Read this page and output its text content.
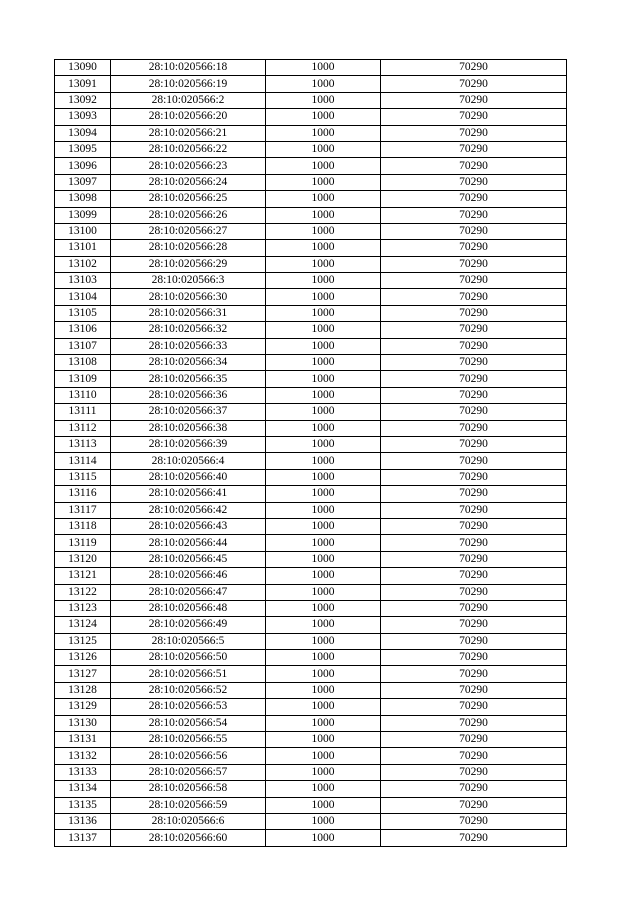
13090	28:10:020566:18	1000	70290
13091	28:10:020566:19	1000	70290
13092	28:10:020566:2	1000	70290
13093	28:10:020566:20	1000	70290
13094	28:10:020566:21	1000	70290
13095	28:10:020566:22	1000	70290
13096	28:10:020566:23	1000	70290
13097	28:10:020566:24	1000	70290
13098	28:10:020566:25	1000	70290
13099	28:10:020566:26	1000	70290
13100	28:10:020566:27	1000	70290
13101	28:10:020566:28	1000	70290
13102	28:10:020566:29	1000	70290
13103	28:10:020566:3	1000	70290
13104	28:10:020566:30	1000	70290
13105	28:10:020566:31	1000	70290
13106	28:10:020566:32	1000	70290
13107	28:10:020566:33	1000	70290
13108	28:10:020566:34	1000	70290
13109	28:10:020566:35	1000	70290
13110	28:10:020566:36	1000	70290
13111	28:10:020566:37	1000	70290
13112	28:10:020566:38	1000	70290
13113	28:10:020566:39	1000	70290
13114	28:10:020566:4	1000	70290
13115	28:10:020566:40	1000	70290
13116	28:10:020566:41	1000	70290
13117	28:10:020566:42	1000	70290
13118	28:10:020566:43	1000	70290
13119	28:10:020566:44	1000	70290
13120	28:10:020566:45	1000	70290
13121	28:10:020566:46	1000	70290
13122	28:10:020566:47	1000	70290
13123	28:10:020566:48	1000	70290
13124	28:10:020566:49	1000	70290
13125	28:10:020566:5	1000	70290
13126	28:10:020566:50	1000	70290
13127	28:10:020566:51	1000	70290
13128	28:10:020566:52	1000	70290
13129	28:10:020566:53	1000	70290
13130	28:10:020566:54	1000	70290
13131	28:10:020566:55	1000	70290
13132	28:10:020566:56	1000	70290
13133	28:10:020566:57	1000	70290
13134	28:10:020566:58	1000	70290
13135	28:10:020566:59	1000	70290
13136	28:10:020566:6	1000	70290
13137	28:10:020566:60	1000	70290
